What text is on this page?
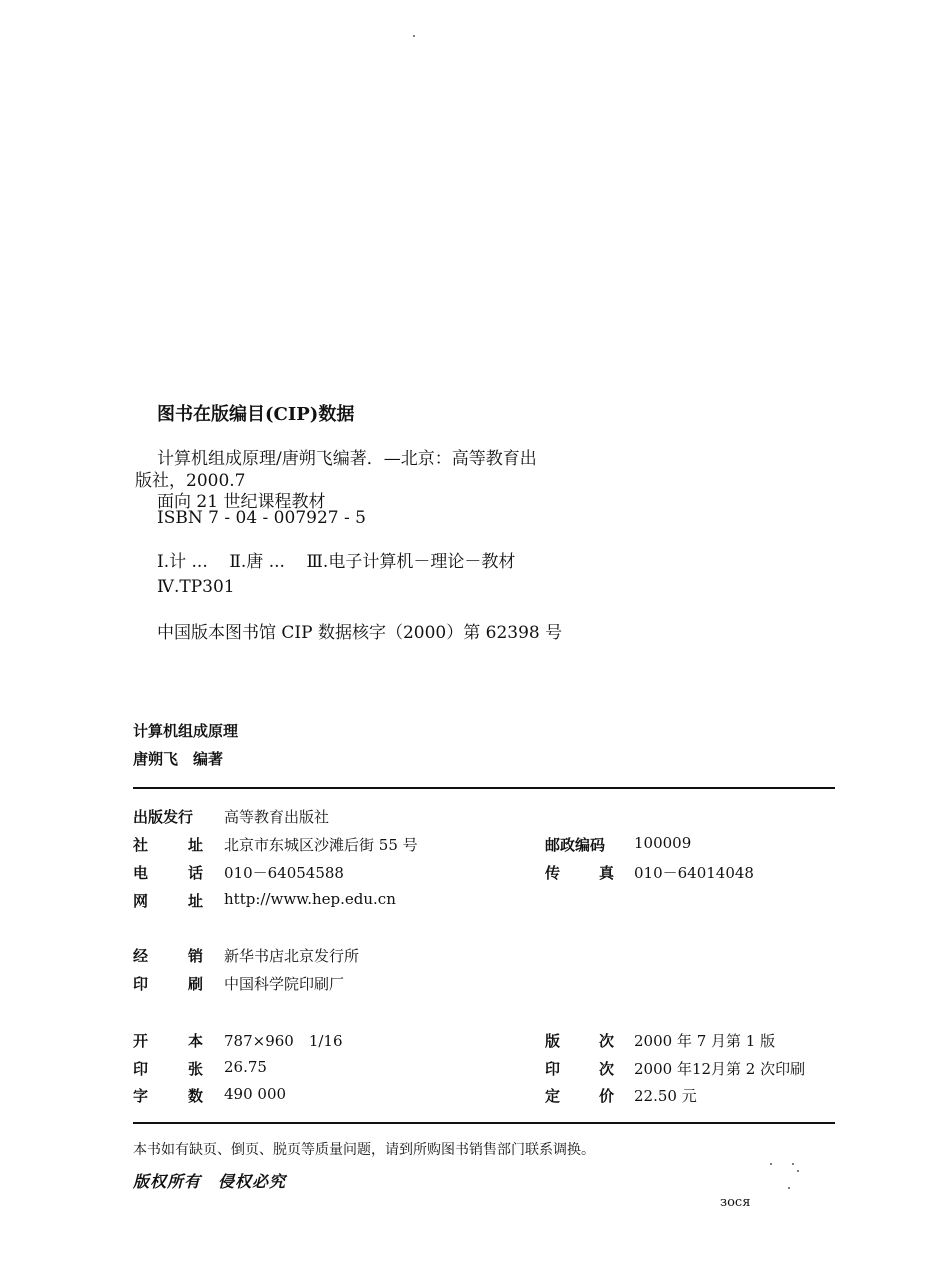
图书在版编目(CIP)数据
计算机组成原理/唐朔飞编著．—北京：高等教育出
版社，2000.7
面向 21 世纪课程教材
ISBN 7 - 04 - 007927 - 5
Ⅰ.计 ...    Ⅱ.唐 ...    Ⅲ.电子计算机－理论－教材
Ⅳ.TP301
中国版本图书馆 CIP 数据核字（2000）第 62398 号
计算机组成原理
唐朔飞　编著
出版发行 高等教育出版社
社	址 北京市东城区沙滩后街 55 号	邮政编码 100009
电	话 010－64054588	传	真 010－64014048
网	址 http://www.hep.edu.cn
经	销 新华书店北京发行所
印	刷 中国科学院印刷厂
开	本 787×960　1/16	版	次 2000 年 7 月第 1 版
印	张 26.75	印	次 2000 年12月第 2 次印刷
字	数 490 000	定	价 22.50 元
本书如有缺页、倒页、脱页等质量问题，请到所购图书销售部门联系调换。
版权所有　侵权必究
зося
